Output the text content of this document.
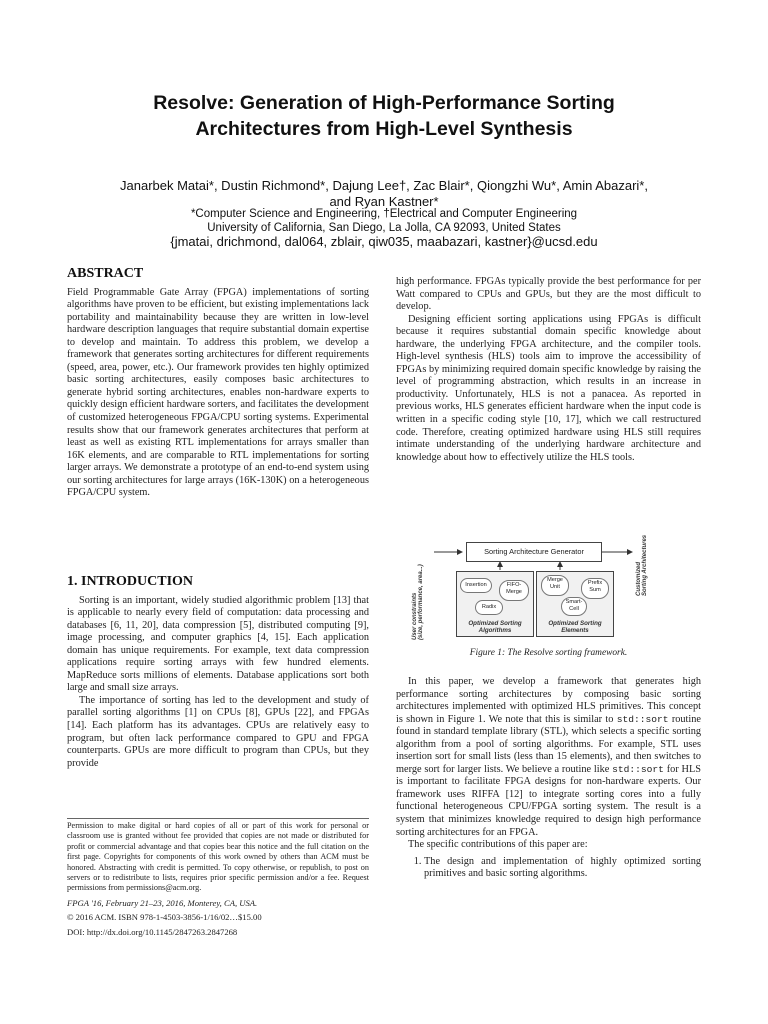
Resolve: Generation of High-Performance Sorting
Architectures from High-Level Synthesis
Janarbek Matai*, Dustin Richmond*, Dajung Lee†, Zac Blair*, Qiongzhi Wu*, Amin Abazari*,
and Ryan Kastner*
*Computer Science and Engineering, †Electrical and Computer Engineering
University of California, San Diego, La Jolla, CA 92093, United States
{jmatai, drichmond, dal064, zblair, qiw035, maabazari, kastner}@ucsd.edu
ABSTRACT

Field Programmable Gate Array (FPGA) implementations of sorting algorithms have proven to be efficient, but existing implementations lack portability and maintainability because they are written in low-level hardware description languages that require substantial domain expertise to develop and maintain. To address this problem, we develop a framework that generates sorting architectures for different requirements (speed, area, power, etc.). Our framework provides ten highly optimized basic sorting architectures, easily composes basic architectures to generate hybrid sorting architectures, enables non-hardware experts to quickly design efficient hardware sorters, and facilitates the development of customized heterogeneous FPGA/CPU sorting systems. Experimental results show that our framework generates architectures that perform at least as well as existing RTL implementations for arrays smaller than 16K elements, and are comparable to RTL implementations for sorting larger arrays. We demonstrate a prototype of an end-to-end system using our sorting architectures for large arrays (16K-130K) on a heterogeneous FPGA/CPU system.

1. INTRODUCTION

Sorting is an important, widely studied algorithmic problem [13] that is applicable to nearly every field of computation: data processing and databases [6, 11, 20], data compression [5], distributed computing [9], image processing, and computer graphics [4, 15]. Each application domain has unique requirements. For example, text data compression applications require sorting arrays with few hundred elements. MapReduce sorts millions of elements. Database applications sort both large and small size arrays.

The importance of sorting has led to the development and study of parallel sorting algorithms [1] on CPUs [8], GPUs [22], and FPGAs [14]. Each platform has its advantages. CPUs are relatively easy to program, but often lack performance compared to GPU and FPGA counterparts. GPUs are more difficult to program than CPUs, but they provide

Permission to make digital or hard copies of all or part of this work for personal or classroom use is granted without fee provided that copies are not made or distributed for profit or commercial advantage and that copies bear this notice and the full citation on the first page. Copyrights for components of this work owned by others than ACM must be honored. Abstracting with credit is permitted. To copy otherwise, or republish, to post on servers or to redistribute to lists, requires prior specific permission and/or a fee. Request permissions from permissions@acm.org.

FPGA '16, February 21–23, 2016, Monterey, CA, USA.

© 2016 ACM. ISBN 978-1-4503-3856-1/16/02…$15.00

DOI: http://dx.doi.org/10.1145/2847263.2847268

high performance. FPGAs typically provide the best performance for per Watt compared to CPUs and GPUs, but they are the most difficult to develop.

Designing efficient sorting applications using FPGAs is difficult because it requires substantial domain specific knowledge about hardware, the underlying FPGA architecture, and the compiler tools. High-level synthesis (HLS) tools aim to improve the accessibility of FPGAs by minimizing required domain specific knowledge by raising the level of programming abstraction, which results in an increase in productivity. Unfortunately, HLS is not a panacea. As reported in previous works, HLS generates efficient hardware when the input code is written in a specific coding style [10, 17], which we call restructured code. Therefore, creating optimized hardware using HLS still requires intimate understanding of the underlying hardware architecture and knowledge about how to effectively utilize the HLS tools.

User constraints
(size, performance, area...)
Sorting Architecture Generator
Insertion	FIFO-Merge
Radix
Optimized Sorting Algorithms
Merge Unit
Prefix Sum
Smart-Cell
Optimized Sorting Elements
Customized
Sorting Architectures
Figure 1: The Resolve sorting framework.

In this paper, we develop a framework that generates high performance sorting architectures by composing basic sorting architectures implemented with optimized HLS primitives. This concept is shown in Figure 1. We note that this is similar to std::sort routine found in standard template library (STL), which selects a specific sorting algorithm from a pool of sorting algorithms. For example, STL uses insertion sort for small lists (less than 15 elements), and then switches to merge sort for larger lists. We believe a routine like std::sort for HLS is important to facilitate FPGA designs for non-hardware experts. Our framework uses RIFFA [12] to integrate sorting cores into a fully functional heterogeneous CPU/FPGA sorting system. The result is a system that minimizes knowledge required to design high performance sorting architectures for an FPGA.

The specific contributions of this paper are:

1. The design and implementation of highly optimized sorting primitives and basic sorting algorithms.
